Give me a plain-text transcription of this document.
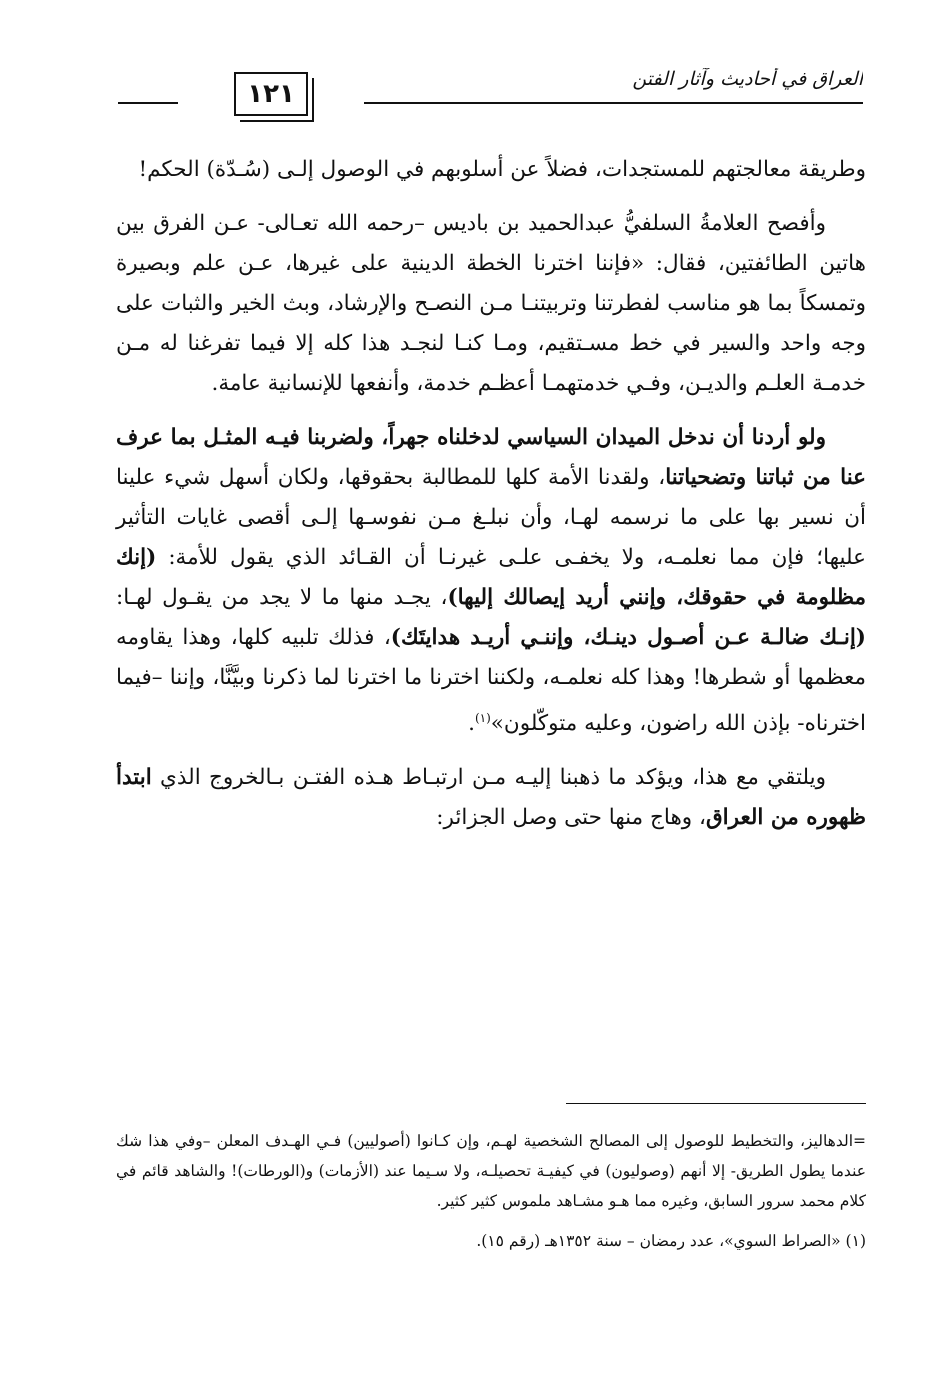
١٢١	العراق في أحاديث وآثار الفتن

وطريقة معالجتهم للمستجدات، فضلاً عن أسلوبهم في الوصول إلـى (سُـدّة) الحكم!

وأفصح العلامةُ السلفيُّ عبدالحميد بن باديس –رحمه الله تعـالى- عـن الفرق بين هاتين الطائفتين، فقال: «فإننا اخترنا الخطة الدينية على غيرها، عـن علم وبصيرة وتمسكاً بما هو مناسب لفطرتنا وتربيتنـا مـن النصـح والإرشاد، وبث الخير والثبات على وجه واحد والسير في خط مسـتقيم، ومـا كنـا لنجـد هذا كله إلا فيما تفرغنا له مـن خدمـة العلـم والديـن، وفـي خدمتهمـا أعظـم خدمة، وأنفعها للإنسانية عامة.

ولو أردنا أن ندخل الميدان السياسي لدخلناه جهراً، ولضربنا فيـه المثـل بما عرف عنا من ثباتنا وتضحياتنا، ولقدنا الأمة كلها للمطالبة بحقوقها، ولكان أسهل شيء علينا أن نسير بها على ما نرسمه لهـا، وأن نبلـغ مـن نفوسـها إلـى أقصى غايات التأثير عليها؛ فإن مما نعلمـه، ولا يخفـى علـى غيرنـا أن القـائد الذي يقول للأمة: (إنك مظلومة في حقوقك، وإنني أريد إيصالك إليها)، يجـد منها ما لا يجد من يقـول لهـا: (إنـك ضالـة عـن أصـول دينـك، وإننـي أريـد هدايتَك)، فذلك تلبيه كلها، وهذا يقاومه معظمها أو شطرها! وهذا كله نعلمـه، ولكننا اخترنا ما اخترنا لما ذكرنا وبيَّنَّا، وإننا –فيما اخترناه- بإذن الله راضون، وعليه متوكّلون»$^{(١)}$.

ويلتقي مع هذا، ويؤكد ما ذهبنا إليـه مـن ارتبـاط هـذه الفتـن بـالخروج الذي ابتدأ ظهوره من العراق، وهاج منها حتى وصل الجزائر:

=الدهاليز، والتخطيط للوصول إلى المصالح الشخصية لهـم، وإن كـانوا (أصوليين) فـي الهـدف المعلن –وفي هذا شك عندما يطول الطريق- إلا أنهم (وصوليون) في كيفيـة تحصيلـه، ولا سـيما عند (الأزمات) و(الورطات)! والشاهد قائم في كلام محمد سرور السابق، وغيره مما هـو مشـاهد ملموس كثير كثير.

(١) «الصراط السوي»، عدد رمضان – سنة ١٣٥٢هـ (رقم ١٥).
